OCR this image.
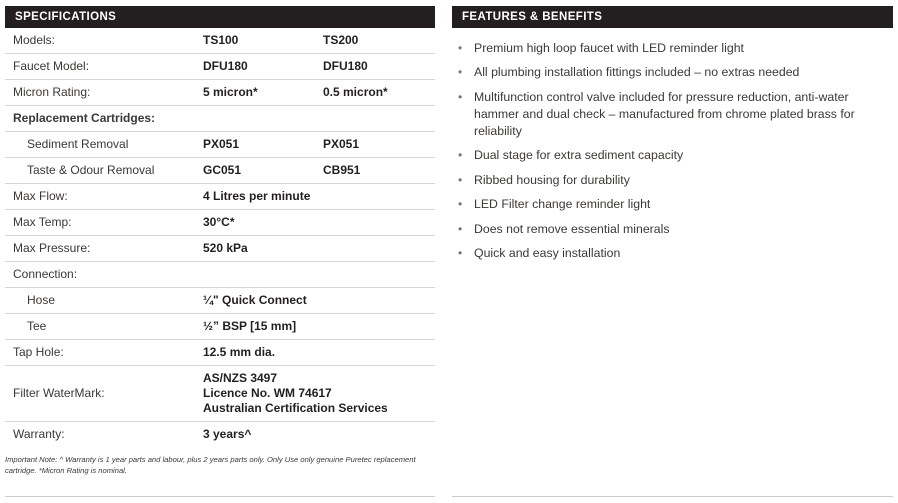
SPECIFICATIONS
Models:	TS100	TS200
Faucet Model:	DFU180	DFU180
Micron Rating:	5 micron*	0.5 micron*
Replacement Cartridges:		
Sediment Removal	PX051	PX051
Taste & Odour Removal	GC051	CB951
Max Flow:	4 Litres per minute	
Max Temp:	30°C*	
Max Pressure:	520 kPa	
Connection:		
Hose	¼" Quick Connect	
Tee	½” BSP [15 mm]	
Tap Hole:	12.5 mm dia.	
Filter WaterMark:	AS/NZS 3497
Licence No. WM 74617
Australian Certification Services	
Warranty:	3 years^	
Important Note: ^ Warranty is 1 year parts and labour, plus 2 years parts only. Only Use only genuine Puretec replacement cartridge. *Micron Rating is nominal.
FEATURES & BENEFITS
• Premium high loop faucet with LED reminder light
• All plumbing installation fittings included – no extras needed
• Multifunction control valve included for pressure reduction, anti-water hammer and dual check – manufactured from chrome plated brass for reliability
• Dual stage for extra sediment capacity
• Ribbed housing for durability
• LED Filter change reminder light
• Does not remove essential minerals
• Quick and easy installation
